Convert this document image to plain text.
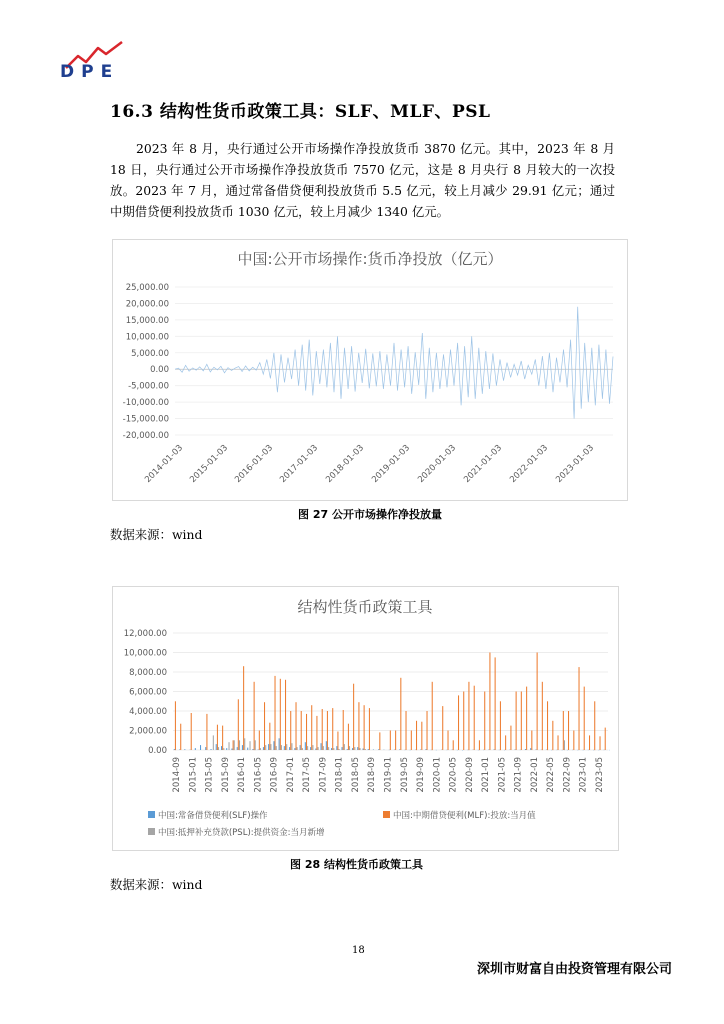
DPE
16.3 结构性货币政策工具：SLF、MLF、PSL
2023 年 8 月，央行通过公开市场操作净投放货币 3870 亿元。其中，2023 年 8 月 18 日，央行通过公开市场操作净投放货币 7570 亿元，这是 8 月央行 8 月较大的一次投放。2023 年 7 月，通过常备借贷便利投放货币 5.5 亿元，较上月减少 29.91 亿元；通过中期借贷便利投放货币 1030 亿元，较上月减少 1340 亿元。
中国:公开市场操作:货币净投放（亿元）
25,000.00
20,000.00
15,000.00
10,000.00
5,000.00
0.00
-5,000.00
-10,000.00
-15,000.00
-20,000.00
2014-01-03 2015-01-03 2016-01-03 2017-01-03 2018-01-03 2019-01-03 2020-01-03 2021-01-03 2022-01-03 2023-01-03
图 27 公开市场操作净投放量
数据来源：wind
结构性货币政策工具
12,000.00
10,000.00
8,000.00
6,000.00
4,000.00
2,000.00
0.00
2014-09 2015-01 2015-05 2015-09 2016-01 2016-05 2016-09 2017-01 2017-05 2017-09 2018-01 2018-05 2018-09 2019-01 2019-05 2019-09 2020-01 2020-05 2020-09 2021-01 2021-05 2021-09 2022-01 2022-05 2022-09 2023-01 2023-05
中国:常备借贷便利(SLF)操作	中国:中期借贷便利(MLF):投放:当月值
中国:抵押补充贷款(PSL):提供资金:当月新增
图 28 结构性货币政策工具
数据来源：wind
18
深圳市财富自由投资管理有限公司
